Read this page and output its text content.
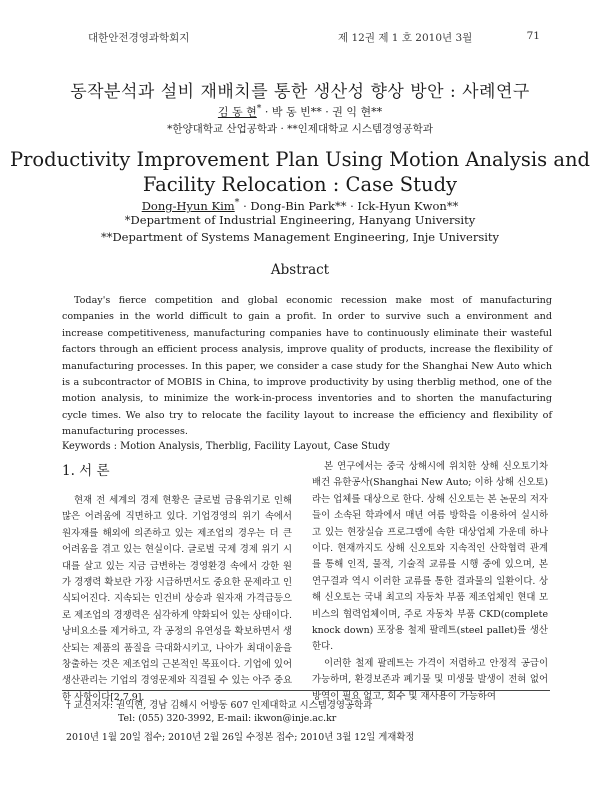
대한안전경영과학회지	제 12권 제 1 호 2010년 3월	71
동작분석과 설비 재배치를 통한 생산성 향상 방안 : 사례연구
김 동 현* · 박 동 빈** · 권 익 현**
*한양대학교 산업공학과 · **인제대학교 시스템경영공학과
Productivity Improvement Plan Using Motion Analysis and
Facility Relocation : Case Study
Dong-Hyun Kim* · Dong-Bin Park** · Ick-Hyun Kwon**
*Department of Industrial Engineering, Hanyang University
**Department of Systems Management Engineering, Inje University
Abstract

Today's fierce competition and global economic recession make most of manufacturing companies in the world difficult to gain a profit. In order to survive such a environment and increase competitiveness, manufacturing companies have to continuously eliminate their wasteful factors through an efficient process analysis, improve quality of products, increase the flexibility of manufacturing processes. In this paper, we consider a case study for the Shanghai New Auto which is a subcontractor of MOBIS in China, to improve productivity by using therblig method, one of the motion analysis, to minimize the work-in-process inventories and to shorten the manufacturing cycle times. We also try to relocate the facility layout to increase the efficiency and flexibility of manufacturing processes.

Keywords : Motion Analysis, Therblig, Facility Layout, Case Study
1. 서 론

현재 전 세계의 경제 현황은 글로벌 금융위기로 인해 많은 어려움에 직면하고 있다. 기업경영의 위기 속에서 원자재를 해외에 의존하고 있는 제조업의 경우는 더 큰 어려움을 겪고 있는 현실이다. 글로벌 국제 경제 위기 시대를 살고 있는 지금 급변하는 경영환경 속에서 강한 원가 경쟁력 확보란 가장 시급하면서도 중요한 문제라고 인식되어진다. 지속되는 인건비 상승과 원자재 가격급등으로 제조업의 경쟁력은 심각하게 약화되어 있는 상태이다. 낭비요소를 제거하고, 각 공정의 유연성을 확보하면서 생산되는 제품의 품질을 극대화시키고, 나아가 최대이윤을 창출하는 것은 제조업의 근본적인 목표이다. 기업에 있어 생산관리는 기업의 경영문제와 직결될 수 있는 아주 중요한 사항이다[2,7,9].

본 연구에서는 중국 상해시에 위치한 상해 신오토기차배건 유한공사(Shanghai New Auto; 이하 상해 신오토)라는 업체를 대상으로 한다. 상해 신오토는 본 논문의 저자들이 소속된 학과에서 매년 여름 방학을 이용하여 실시하고 있는 현장실습 프로그램에 속한 대상업체 가운데 하나이다. 현재까지도 상해 신오토와 지속적인 산학협력 관계를 통해 인적, 물적, 기술적 교류를 시행 중에 있으며, 본 연구결과 역시 이러한 교류를 통한 결과물의 일환이다. 상해 신오토는 국내 최고의 자동차 부품 제조업체인 현대 모비스의 협력업체이며, 주로 자동차 부품 CKD(complete knock down) 포장용 철제 팔레트(steel pallet)를 생산한다.

이러한 철제 팔레트는 가격이 저렴하고 안정적 공급이 가능하며, 환경보존과 폐기물 및 미생물 발생이 전혀 없어 방역이 필요 없고, 회수 및 재사용이 가능하여

† 교신저자: 권익현, 경남 김해시 어방동 607 인제대학교 시스템경영공학과
Tel: (055) 320-3992, E-mail: ikwon@inje.ac.kr
2010년 1월 20일 접수; 2010년 2월 26일 수정본 접수; 2010년 3월 12일 게재확정
